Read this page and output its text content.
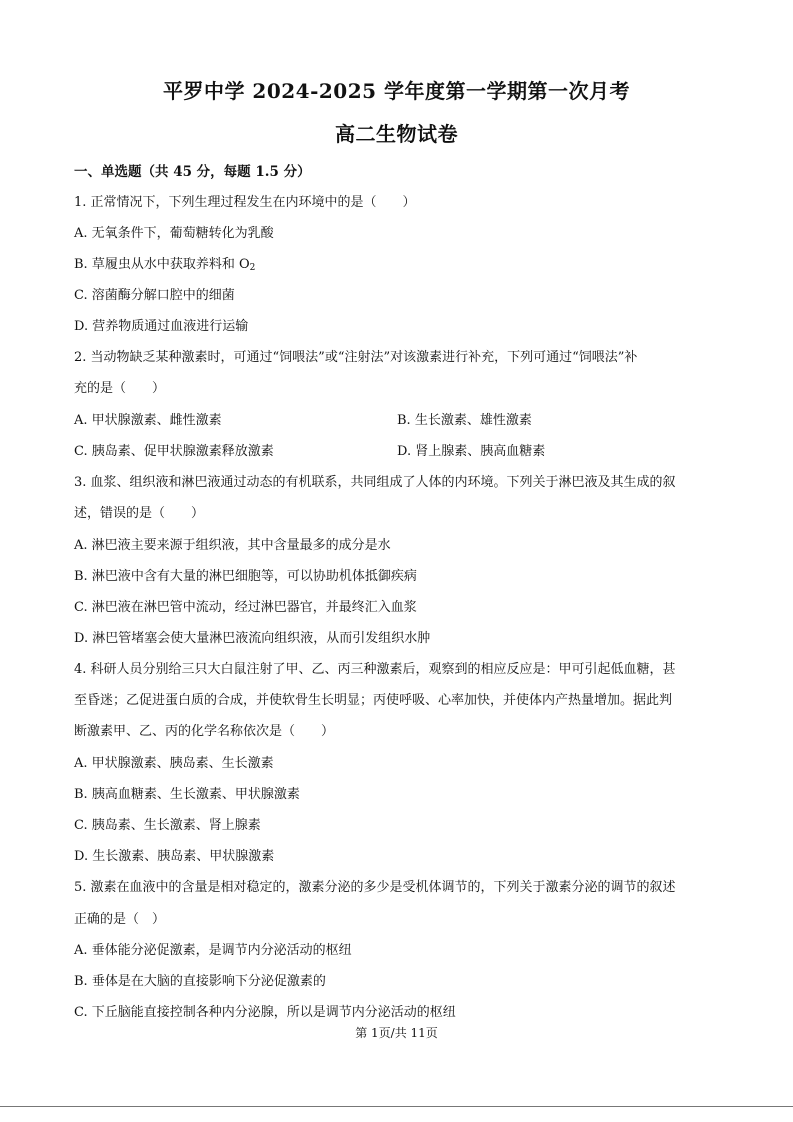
平罗中学 2024-2025 学年度第一学期第一次月考
高二生物试卷
一、单选题（共 45 分，每题 1.5 分）
1. 正常情况下，下列生理过程发生在内环境中的是（　　）
A. 无氧条件下，葡萄糖转化为乳酸
B. 草履虫从水中获取养料和 $O_2$
C. 溶菌酶分解口腔中的细菌
D. 营养物质通过血液进行运输
2. 当动物缺乏某种激素时，可通过“饲喂法”或“注射法”对该激素进行补充，下列可通过“饲喂法”补
充的是（　　）
A. 甲状腺激素、雌性激素	B. 生长激素、雄性激素
C. 胰岛素、促甲状腺激素释放激素	D. 肾上腺素、胰高血糖素
3. 血浆、组织液和淋巴液通过动态的有机联系，共同组成了人体的内环境。下列关于淋巴液及其生成的叙
述，错误的是（　　）
A. 淋巴液主要来源于组织液，其中含量最多的成分是水
B. 淋巴液中含有大量的淋巴细胞等，可以协助机体抵御疾病
C. 淋巴液在淋巴管中流动，经过淋巴器官，并最终汇入血浆
D. 淋巴管堵塞会使大量淋巴液流向组织液，从而引发组织水肿
4. 科研人员分别给三只大白鼠注射了甲、乙、丙三种激素后，观察到的相应反应是：甲可引起低血糖，甚
至昏迷；乙促进蛋白质的合成，并使软骨生长明显；丙使呼吸、心率加快，并使体内产热量增加。据此判
断激素甲、乙、丙的化学名称依次是（　　）
A. 甲状腺激素、胰岛素、生长激素
B. 胰高血糖素、生长激素、甲状腺激素
C. 胰岛素、生长激素、肾上腺素
D. 生长激素、胰岛素、甲状腺激素
5. 激素在血液中的含量是相对稳定的，激素分泌的多少是受机体调节的，下列关于激素分泌的调节的叙述
正确的是（　）
A. 垂体能分泌促激素，是调节内分泌活动的枢纽
B. 垂体是在大脑的直接影响下分泌促激素的
C. 下丘脑能直接控制各种内分泌腺，所以是调节内分泌活动的枢纽
第 1页/共 11页
